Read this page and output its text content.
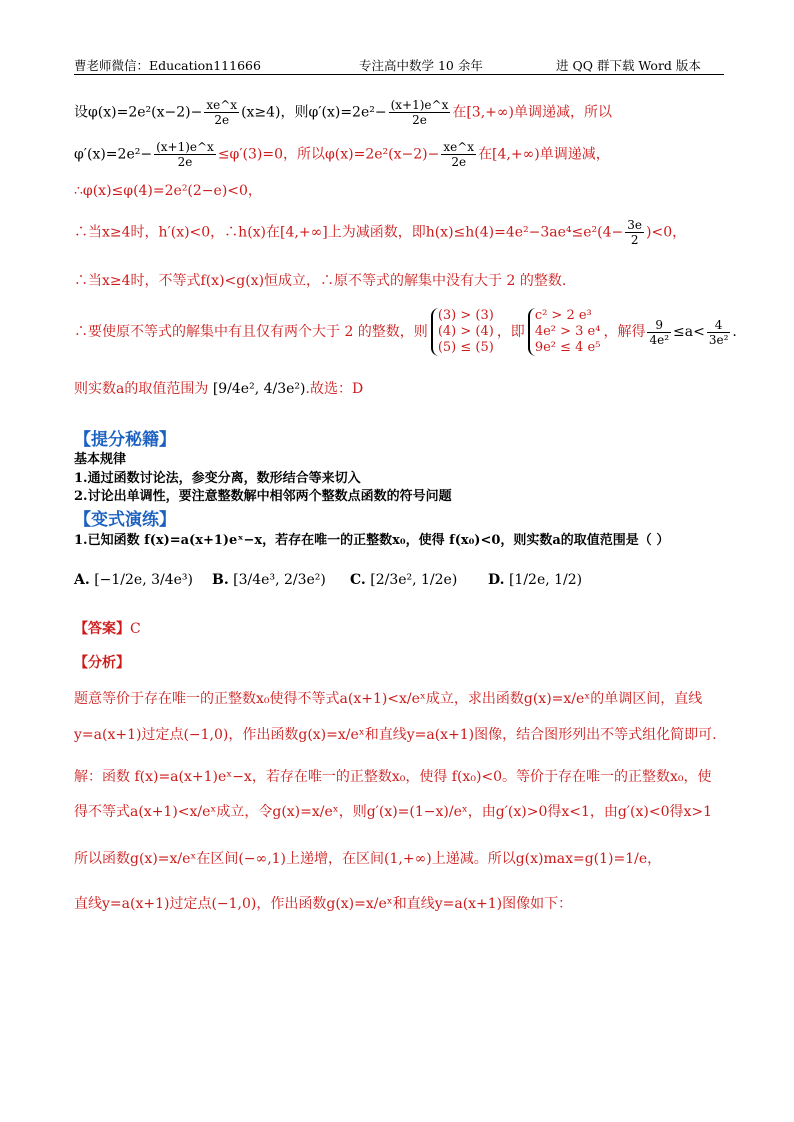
曹老师微信：Education111666	专注高中数学 10 余年	进 QQ 群下载 Word 版本
设$\varphi(x)=2e^2(x-2)- \frac{xe\^{}x}{2e} (x\ge 4)$，则$\varphi'(x)=2e^2- \frac{(x+1)e\^{}x}{2e}$ 在[3,+∞)单调递减，所以
$\varphi'(x)=2e^2- \frac{(x+1)e\^{}x}{2e} \le\varphi'(3)=0$，所以$\varphi(x)=2e^2(x-2)- \frac{xe\^{}x}{2e}$ 在[4,+∞)单调递减，
∴φ(x)≤φ(4)=2e²(2−e)<0，
∴当x≥4时，h′(x)<0，∴h(x)在[4,+∞]上为减函数，即$h(x)\le h(4)=4e^2-3ae^4\le e^2(4- \frac{3e}{2} )<0$，
∴当x≥4时，不等式f(x)<g(x)恒成立，∴原不等式的解集中没有大于 2 的整数.
∴要使原不等式的解集中有且仅有两个大于 2 的整数，则
(3) > (3)
(4) > (4)
(5) ≤ (5)
，即
c² > 2 e³
4e² > 3 e⁴
9e² ≤ 4 e⁵
，解得 $\frac{9}{\text{4e²}} \le a< \frac{4}{\text{3e²}}$ .
则实数a的取值范围为 [9/4e², 4/3e²).故选：D
【提分秘籍】
基本规律
1.通过函数讨论法，参变分离，数形结合等来切入
2.讨论出单调性，要注意整数解中相邻两个整数点函数的符号问题
【变式演练】
1.已知函数 f(x)=a(x+1)eˣ−x，若存在唯一的正整数x₀，使得 f(x₀)<0，则实数a的取值范围是（ ）
A. [−1/2e, 3/4e³) B. [3/4e³, 2/3e²) C. [2/3e², 1/2e) D. [1/2e, 1/2)
【答案】C
【分析】
题意等价于存在唯一的正整数x₀使得不等式a(x+1)<x/eˣ成立，求出函数g(x)=x/eˣ的单调区间，直线
y=a(x+1)过定点(−1,0)，作出函数g(x)=x/eˣ和直线y=a(x+1)图像，结合图形列出不等式组化简即可.
解：函数 f(x)=a(x+1)eˣ−x，若存在唯一的正整数x₀，使得 f(x₀)<0。等价于存在唯一的正整数x₀，使
得不等式a(x+1)<x/eˣ成立，令g(x)=x/eˣ，则g′(x)=(1−x)/eˣ，由g′(x)>0得x<1，由g′(x)<0得x>1
所以函数g(x)=x/eˣ在区间(−∞,1)上递增，在区间(1,+∞)上递减。所以g(x)max=g(1)=1/e，
直线y=a(x+1)过定点(−1,0)，作出函数g(x)=x/eˣ和直线y=a(x+1)图像如下：
